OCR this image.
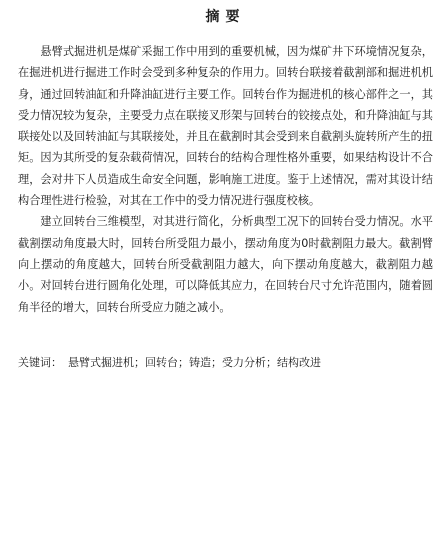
摘要

悬臂式掘进机是煤矿采掘工作中用到的重要机械，因为煤矿井下环境情况复杂，在掘进机进行掘进工作时会受到多种复杂的作用力。回转台联接着截割部和掘进机机身，通过回转油缸和升降油缸进行主要工作。回转台作为掘进机的核心部件之一，其受力情况较为复杂，主要受力点在联接叉形架与回转台的铰接点处，和升降油缸与其联接处以及回转油缸与其联接处，并且在截割时其会受到来自截割头旋转所产生的扭矩。因为其所受的复杂载荷情况，回转台的结构合理性格外重要，如果结构设计不合理，会对井下人员造成生命安全问题，影响施工进度。鉴于上述情况，需对其设计结构合理性进行检验，对其在工作中的受力情况进行强度校核。

建立回转台三维模型，对其进行简化，分析典型工况下的回转台受力情况。水平截割摆动角度最大时，回转台所受阻力最小，摆动角度为0时截割阻力最大。截割臂向上摆动的角度越大，回转台所受截割阻力越大，向下摆动角度越大，截割阻力越小。对回转台进行圆角化处理，可以降低其应力，在回转台尺寸允许范围内，随着圆角半径的增大，回转台所受应力随之减小。

关键词： 悬臂式掘进机；回转台；铸造；受力分析；结构改进
